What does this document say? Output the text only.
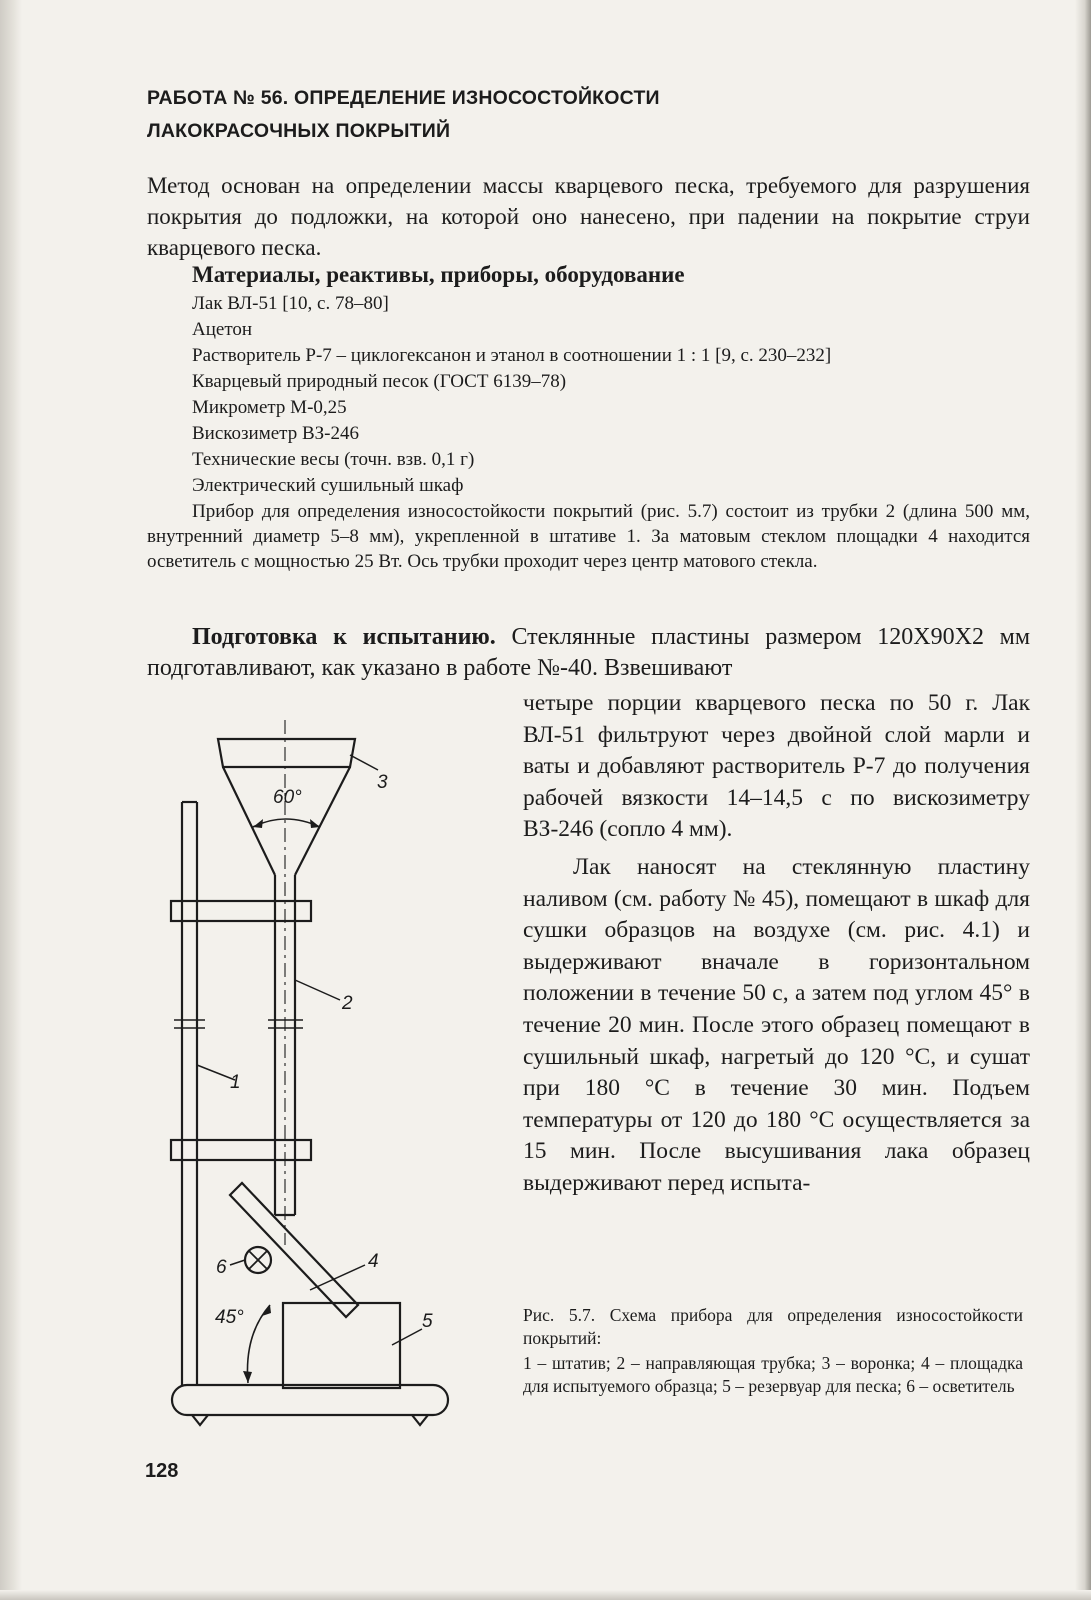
РАБОТА № 56. ОПРЕДЕЛЕНИЕ ИЗНОСОСТОЙКОСТИ
ЛАКОКРАСОЧНЫХ ПОКРЫТИЙ
Метод основан на определении массы кварцевого песка, требуемого для разрушения покрытия до подложки, на которой оно нанесено, при падении на покрытие струи кварцевого песка.
Материалы, реактивы, приборы, оборудование
Лак ВЛ-51 [10, с. 78–80]
Ацетон
Растворитель Р-7 – циклогексанон и этанол в соотношении 1 : 1 [9, с. 230–232]
Кварцевый природный песок (ГОСТ 6139–78)
Микрометр М-0,25
Вискозиметр ВЗ-246
Технические весы (точн. взв. 0,1 г)
Электрический сушильный шкаф
Прибор для определения износостойкости покрытий (рис. 5.7) состоит из трубки 2 (длина 500 мм, внутренний диаметр 5–8 мм), укрепленной в штативе 1. За матовым стеклом площадки 4 находится осветитель с мощностью 25 Вт. Ось трубки проходит через центр матового стекла.
Подготовка к испытанию. Стеклянные пластины размером 120Х90Х2 мм подготавливают, как указано в работе №-40. Взвешивают

четыре порции кварцевого песка по 50 г. Лак ВЛ-51 фильтруют через двойной слой марли и ваты и добавляют растворитель Р-7 до получения рабочей вязкости 14–14,5 с по вискозиметру ВЗ-246 (сопло 4 мм).

Лак наносят на стеклянную пластину наливом (см. работу № 45), помещают в шкаф для сушки образцов на воздухе (см. рис. 4.1) и выдерживают вначале в горизонтальном положении в течение 50 с, а затем под углом 45° в течение 20 мин. После этого образец помещают в сушильный шкаф, нагретый до 120 °С, и сушат при 180 °С в течение 30 мин. Подъем температуры от 120 до 180 °С осуществляется за 15 мин. После высушивания лака образец выдерживают перед испыта-

60°
3
2
1
4
6
5
45°	Рис. 5.7. Схема прибора для определения износостойкости покрытий:
1 – штатив; 2 – направляющая трубка; 3 – воронка; 4 – площадка для испытуемого образца; 5 – резервуар для песка; 6 – осветитель
128
